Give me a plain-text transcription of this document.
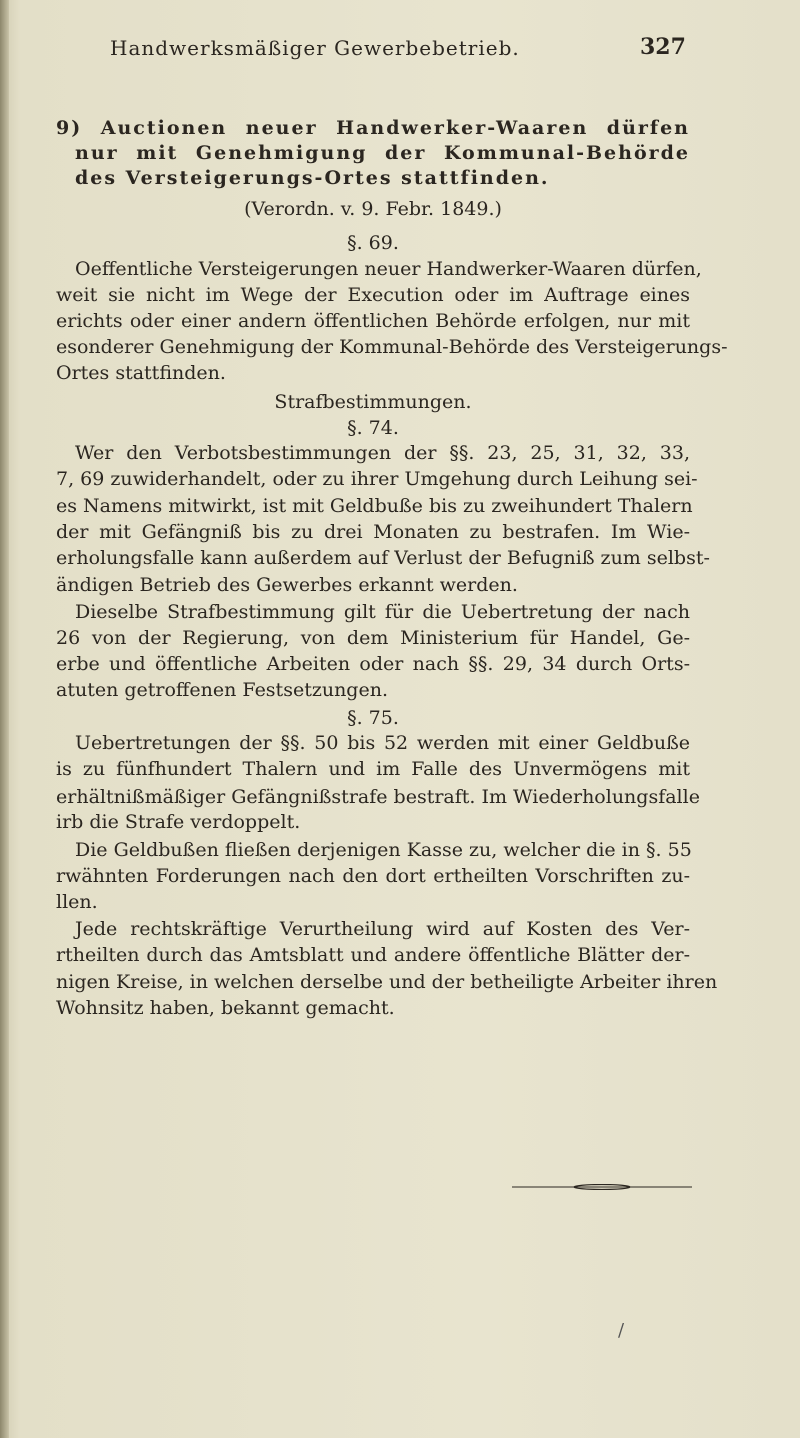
Handwerksmäßiger Gewerbebetrieb.	327
9) Auctionen neuer Handwerker-Waaren dürfen
nur mit Genehmigung der Kommunal-Behörde
des Versteigerungs-Ortes stattfinden.
(Verordn. v. 9. Febr. 1849.)
§. 69.
Oeffentliche Versteigerungen neuer Handwerker-Waaren dürfen,
weit sie nicht im Wege der Execution oder im Auftrage eines
erichts oder einer andern öffentlichen Behörde erfolgen, nur mit
esonderer Genehmigung der Kommunal-Behörde des Versteigerungs-
Ortes stattfinden.
Strafbestimmungen.
§. 74.
Wer den Verbotsbestimmungen der §§. 23, 25, 31, 32, 33,
7, 69 zuwiderhandelt, oder zu ihrer Umgehung durch Leihung sei-
es Namens mitwirkt, ist mit Geldbuße bis zu zweihundert Thalern
der mit Gefängniß bis zu drei Monaten zu bestrafen. Im Wie-
erholungsfalle kann außerdem auf Verlust der Befugniß zum selbst-
ändigen Betrieb des Gewerbes erkannt werden.
Dieselbe Strafbestimmung gilt für die Uebertretung der nach
26 von der Regierung, von dem Ministerium für Handel, Ge-
erbe und öffentliche Arbeiten oder nach §§. 29, 34 durch Orts-
atuten getroffenen Festsetzungen.
§. 75.
Uebertretungen der §§. 50 bis 52 werden mit einer Geldbuße
is zu fünfhundert Thalern und im Falle des Unvermögens mit
erhältnißmäßiger Gefängnißstrafe bestraft. Im Wiederholungsfalle
irb die Strafe verdoppelt.
Die Geldbußen fließen derjenigen Kasse zu, welcher die in §. 55
rwähnten Forderungen nach den dort ertheilten Vorschriften zu-
llen.
Jede rechtskräftige Verurtheilung wird auf Kosten des Ver-
rtheilten durch das Amtsblatt und andere öffentliche Blätter der-
nigen Kreise, in welchen derselbe und der betheiligte Arbeiter ihren
Wohnsitz haben, bekannt gemacht.
/
